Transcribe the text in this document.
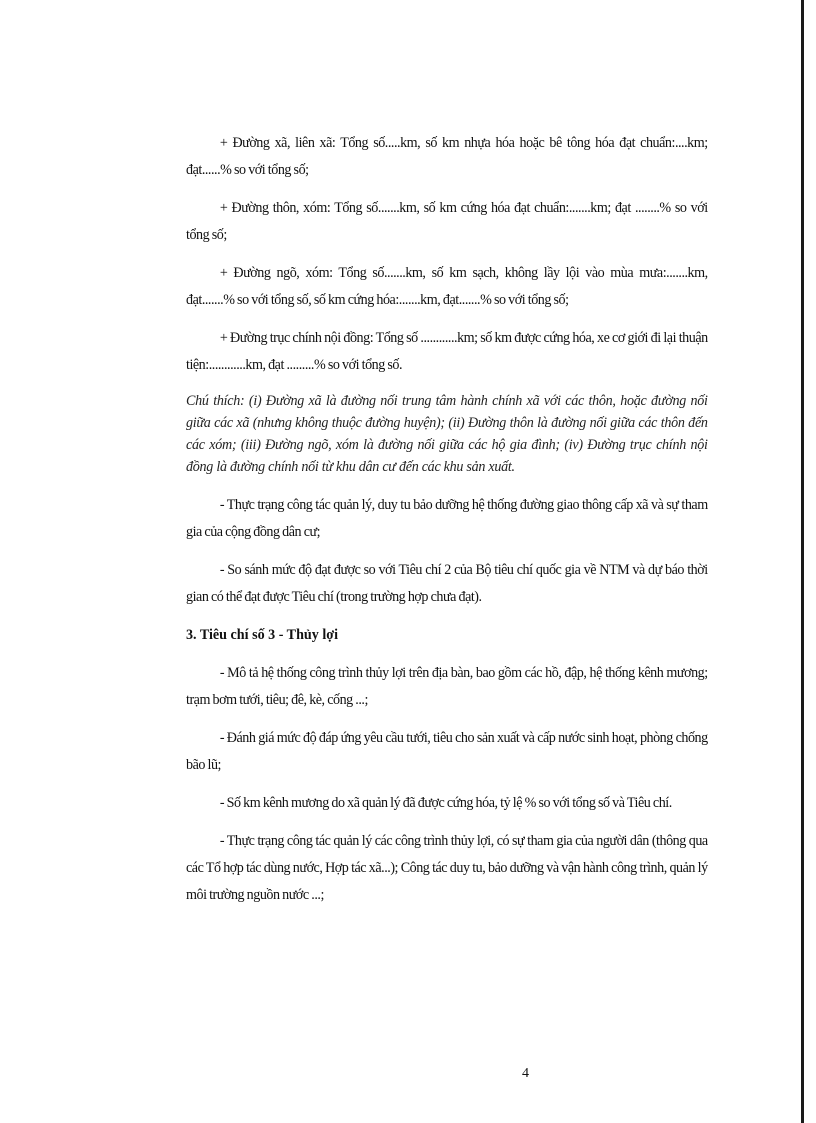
+ Đường xã, liên xã: Tổng số.....km, số km nhựa hóa hoặc bê tông hóa đạt chuẩn:....km; đạt......% so với tổng số;

+ Đường thôn, xóm: Tổng số.......km, số km cứng hóa đạt chuẩn:.......km; đạt ........% so với tổng số;

+ Đường ngõ, xóm: Tổng số.......km, số km sạch, không lầy lội vào mùa mưa:.......km, đạt.......% so với tổng số, số km cứng hóa:.......km, đạt.......% so với tổng số;

+ Đường trục chính nội đồng: Tổng số ............km; số km được cứng hóa, xe cơ giới đi lại thuận tiện:............km, đạt .........% so với tổng số.

Chú thích: (i) Đường xã là đường nối trung tâm hành chính xã với các thôn, hoặc đường nối giữa các xã (nhưng không thuộc đường huyện); (ii) Đường thôn là đường nối giữa các thôn đến các xóm; (iii) Đường ngõ, xóm là đường nối giữa các hộ gia đình; (iv) Đường trục chính nội đồng là đường chính nối từ khu dân cư đến các khu sản xuất.

- Thực trạng công tác quản lý, duy tu bảo dưỡng hệ thống đường giao thông cấp xã và sự tham gia của cộng đồng dân cư;

- So sánh mức độ đạt được so với Tiêu chí 2 của Bộ tiêu chí quốc gia về NTM và dự báo thời gian có thể đạt được Tiêu chí (trong trường hợp chưa đạt).

3. Tiêu chí số 3 - Thủy lợi

- Mô tả hệ thống công trình thủy lợi trên địa bàn, bao gồm các hồ, đập, hệ thống kênh mương; trạm bơm tưới, tiêu; đê, kè, cống ...;

- Đánh giá mức độ đáp ứng yêu cầu tưới, tiêu cho sản xuất và cấp nước sinh hoạt, phòng chống bão lũ;

- Số km kênh mương do xã quản lý đã được cứng hóa, tỷ lệ % so với tổng số và Tiêu chí.

- Thực trạng công tác quản lý các công trình thủy lợi, có sự tham gia của người dân (thông qua các Tổ hợp tác dùng nước, Hợp tác xã...); Công tác duy tu, bảo dưỡng và vận hành công trình, quản lý môi trường nguồn nước ...;

4
